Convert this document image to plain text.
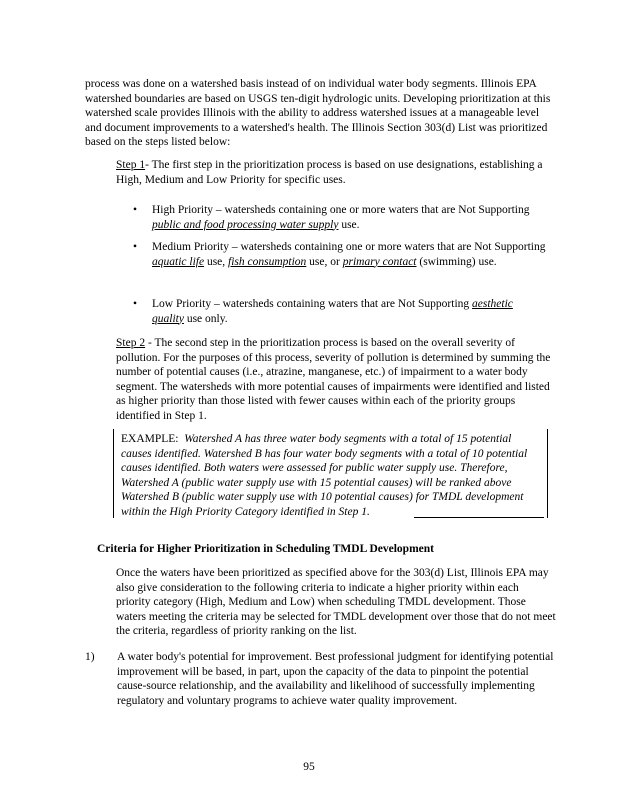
process was done on a watershed basis instead of on individual water body segments. Illinois EPA watershed boundaries are based on USGS ten-digit hydrologic units. Developing prioritization at this watershed scale provides Illinois with the ability to address watershed issues at a manageable level and document improvements to a watershed's health. The Illinois Section 303(d) List was prioritized based on the steps listed below:

Step 1- The first step in the prioritization process is based on use designations, establishing a High, Medium and Low Priority for specific uses.

• High Priority – watersheds containing one or more waters that are Not Supporting public and food processing water supply use.
• Medium Priority – watersheds containing one or more waters that are Not Supporting aquatic life use, fish consumption use, or primary contact (swimming) use.
• Low Priority – watersheds containing waters that are Not Supporting aesthetic quality use only.

Step 2 - The second step in the prioritization process is based on the overall severity of pollution. For the purposes of this process, severity of pollution is determined by summing the number of potential causes (i.e., atrazine, manganese, etc.) of impairment to a water body segment. The watersheds with more potential causes of impairments were identified and listed as higher priority than those listed with fewer causes within each of the priority groups identified in Step 1.

EXAMPLE: Watershed A has three water body segments with a total of 15 potential causes identified. Watershed B has four water body segments with a total of 10 potential causes identified. Both waters were assessed for public water supply use. Therefore, Watershed A (public water supply use with 15 potential causes) will be ranked above Watershed B (public water supply use with 10 potential causes) for TMDL development within the High Priority Category identified in Step 1.

Criteria for Higher Prioritization in Scheduling TMDL Development

Once the waters have been prioritized as specified above for the 303(d) List, Illinois EPA may also give consideration to the following criteria to indicate a higher priority within each priority category (High, Medium and Low) when scheduling TMDL development. Those waters meeting the criteria may be selected for TMDL development over those that do not meet the criteria, regardless of priority ranking on the list.

1) A water body's potential for improvement. Best professional judgment for identifying potential improvement will be based, in part, upon the capacity of the data to pinpoint the potential cause-source relationship, and the availability and likelihood of successfully implementing regulatory and voluntary programs to achieve water quality improvement.

95
